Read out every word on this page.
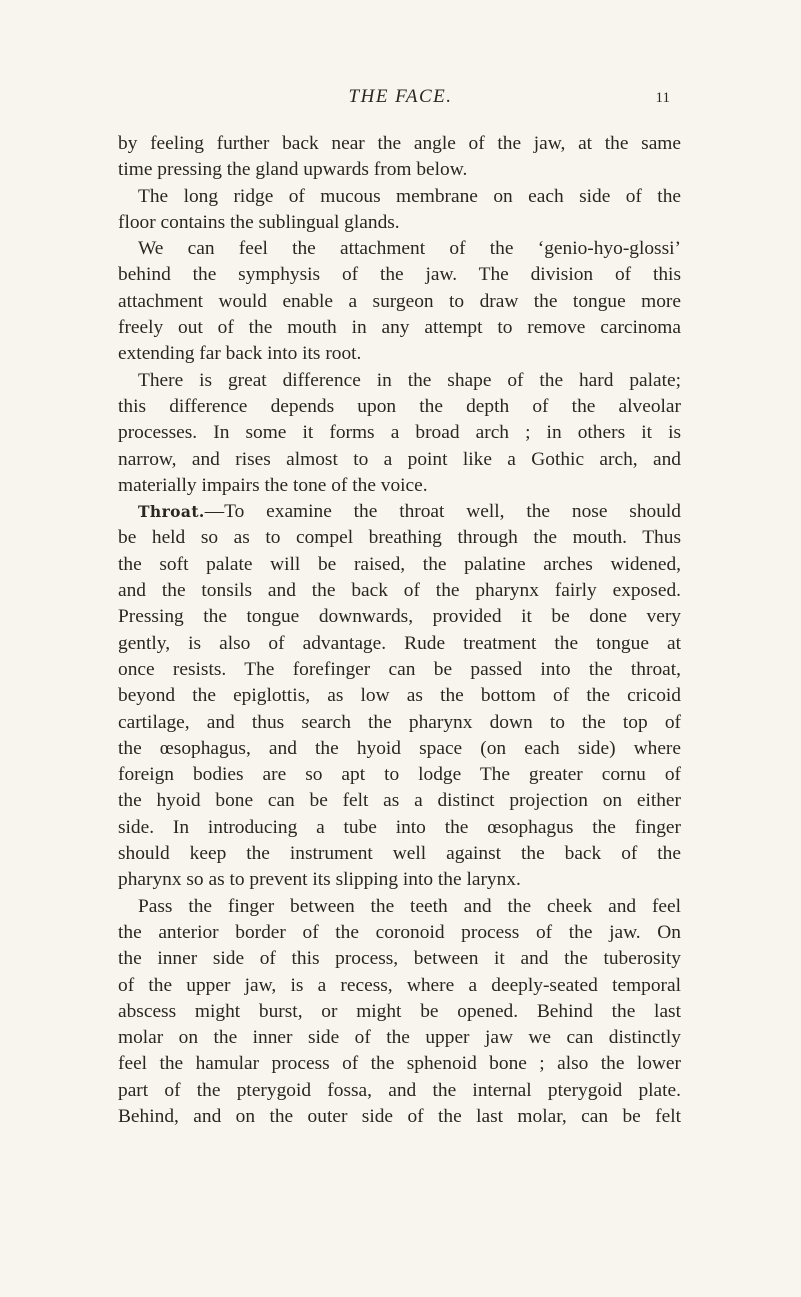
THE FACE.	11
by feeling further back near the angle of the jaw, at the same
time pressing the gland upwards from below.
The long ridge of mucous membrane on each side of the
floor contains the sublingual glands.
We can feel the attachment of the ‘genio-hyo-glossi’
behind the symphysis of the jaw. The division of this
attachment would enable a surgeon to draw the tongue more
freely out of the mouth in any attempt to remove carcinoma
extending far back into its root.
There is great difference in the shape of the hard palate;
this difference depends upon the depth of the alveolar
processes. In some it forms a broad arch ; in others it is
narrow, and rises almost to a point like a Gothic arch, and
materially impairs the tone of the voice.
Throat.—To examine the throat well, the nose should
be held so as to compel breathing through the mouth. Thus
the soft palate will be raised, the palatine arches widened,
and the tonsils and the back of the pharynx fairly exposed.
Pressing the tongue downwards, provided it be done very
gently, is also of advantage. Rude treatment the tongue at
once resists. The forefinger can be passed into the throat,
beyond the epiglottis, as low as the bottom of the cricoid
cartilage, and thus search the pharynx down to the top of
the œsophagus, and the hyoid space (on each side) where
foreign bodies are so apt to lodge The greater cornu of
the hyoid bone can be felt as a distinct projection on either
side. In introducing a tube into the œsophagus the finger
should keep the instrument well against the back of the
pharynx so as to prevent its slipping into the larynx.
Pass the finger between the teeth and the cheek and feel
the anterior border of the coronoid process of the jaw. On
the inner side of this process, between it and the tuberosity
of the upper jaw, is a recess, where a deeply-seated temporal
abscess might burst, or might be opened. Behind the last
molar on the inner side of the upper jaw we can distinctly
feel the hamular process of the sphenoid bone ; also the lower
part of the pterygoid fossa, and the internal pterygoid plate.
Behind, and on the outer side of the last molar, can be felt
